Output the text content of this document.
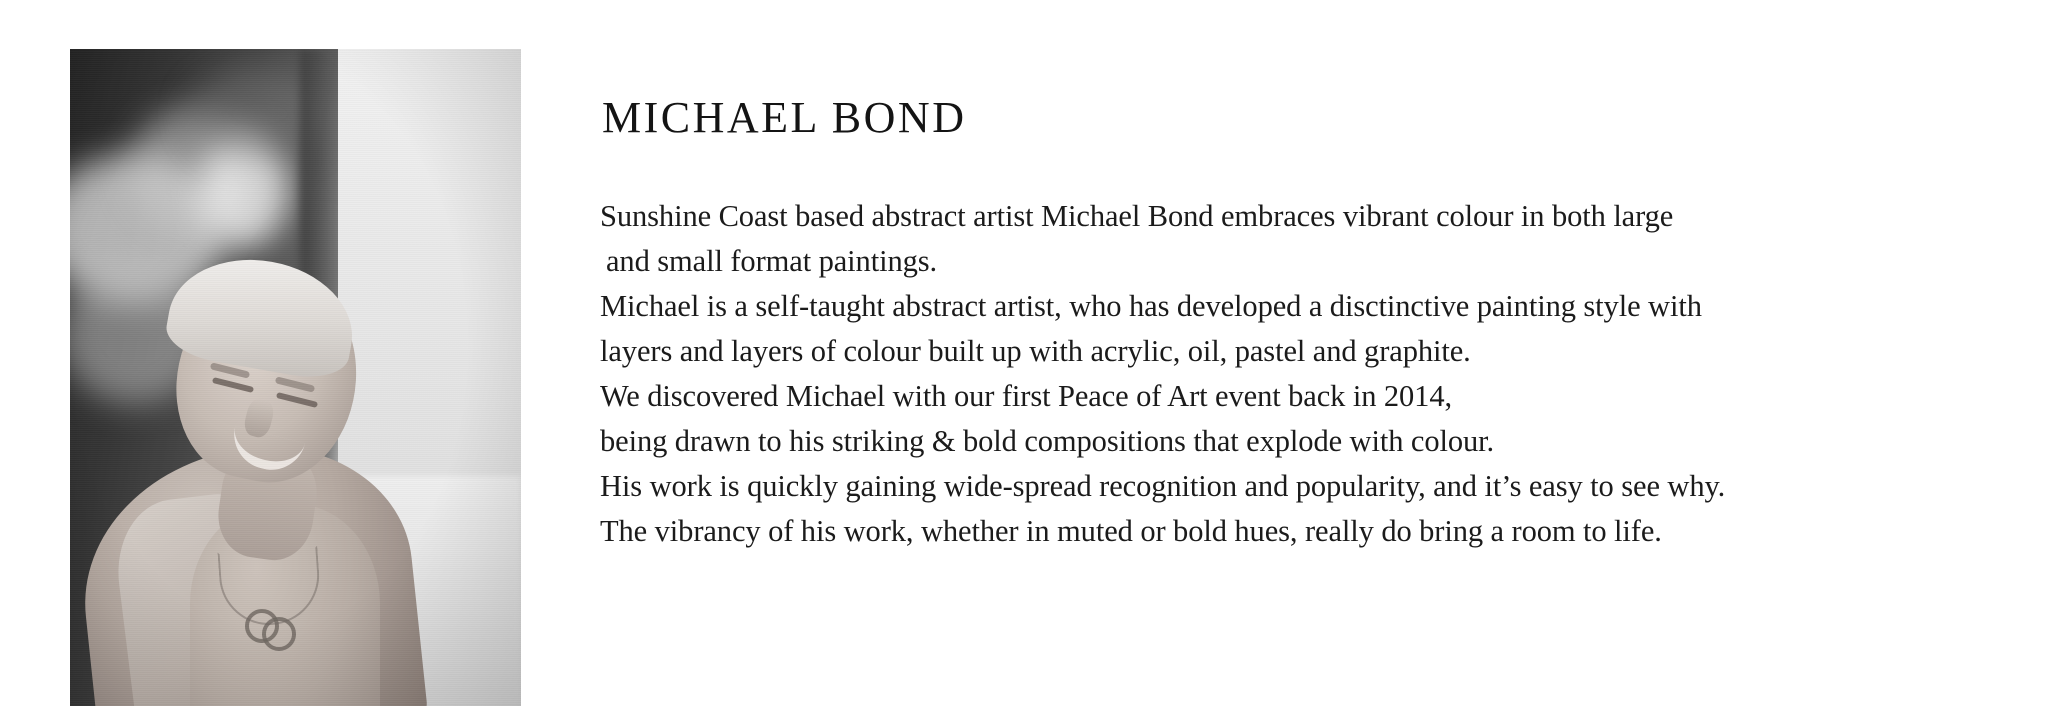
MICHAEL BOND

Sunshine Coast based abstract artist Michael Bond embraces vibrant colour in both large

and small format paintings.

Michael is a self-taught abstract artist, who has developed a disctinctive painting style with

layers and layers of colour built up with acrylic, oil, pastel and graphite.

We discovered Michael with our first Peace of Art event back in 2014,

being drawn to his striking & bold compositions that explode with colour.

His work is quickly gaining wide-spread recognition and popularity, and it’s easy to see why.

The vibrancy of his work, whether in muted or bold hues, really do bring a room to life.
